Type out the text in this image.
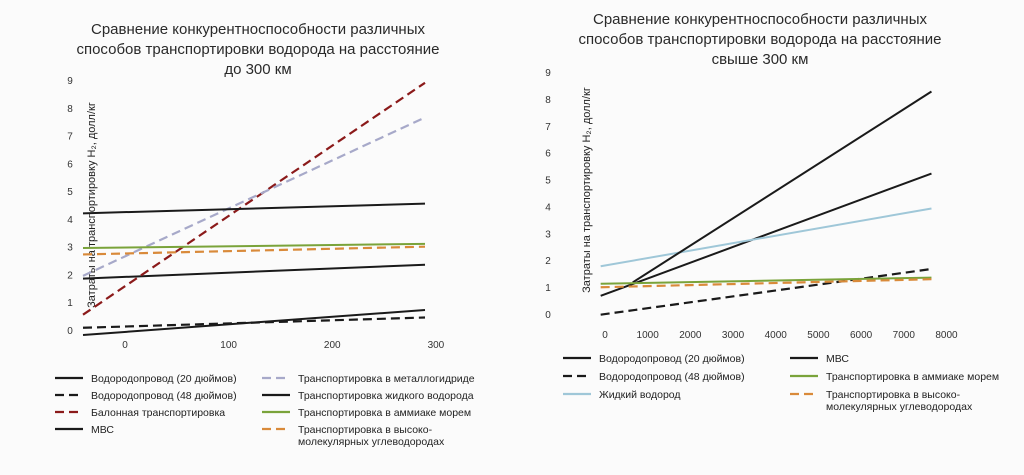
Сравнение конкурентноспособности различных
способов транспортировки водорода на расстояние
до 300 км
Затраты на транспортировку H₂, долл/кг
0
1
2
3
4
5
6
7
8
9
0	100	200	300
Водородопровод (20 дюймов)	Транспортировка в металлогидриде
Водородопровод (48 дюймов)	Транспортировка жидкого водорода
Балонная транспортировка	Транспортировка в аммиаке морем
МВС	Транспортировка в высоко-
молекулярных углеводородах
Сравнение конкурентноспособности различных
способов транспортировки водорода на расстояние
свыше 300 км
Затраты на транспортировку H₂, долл/кг
0
1
2
3
4
5
6
7
8
9
0	1000 2000 3000 4000 5000 6000 7000 8000
Водородопровод (20 дюймов)	МВС
Водородопровод (48 дюймов)	Транспортировка в аммиаке морем
Жидкий водород	Транспортировка в высоко-
молекулярных углеводородах
